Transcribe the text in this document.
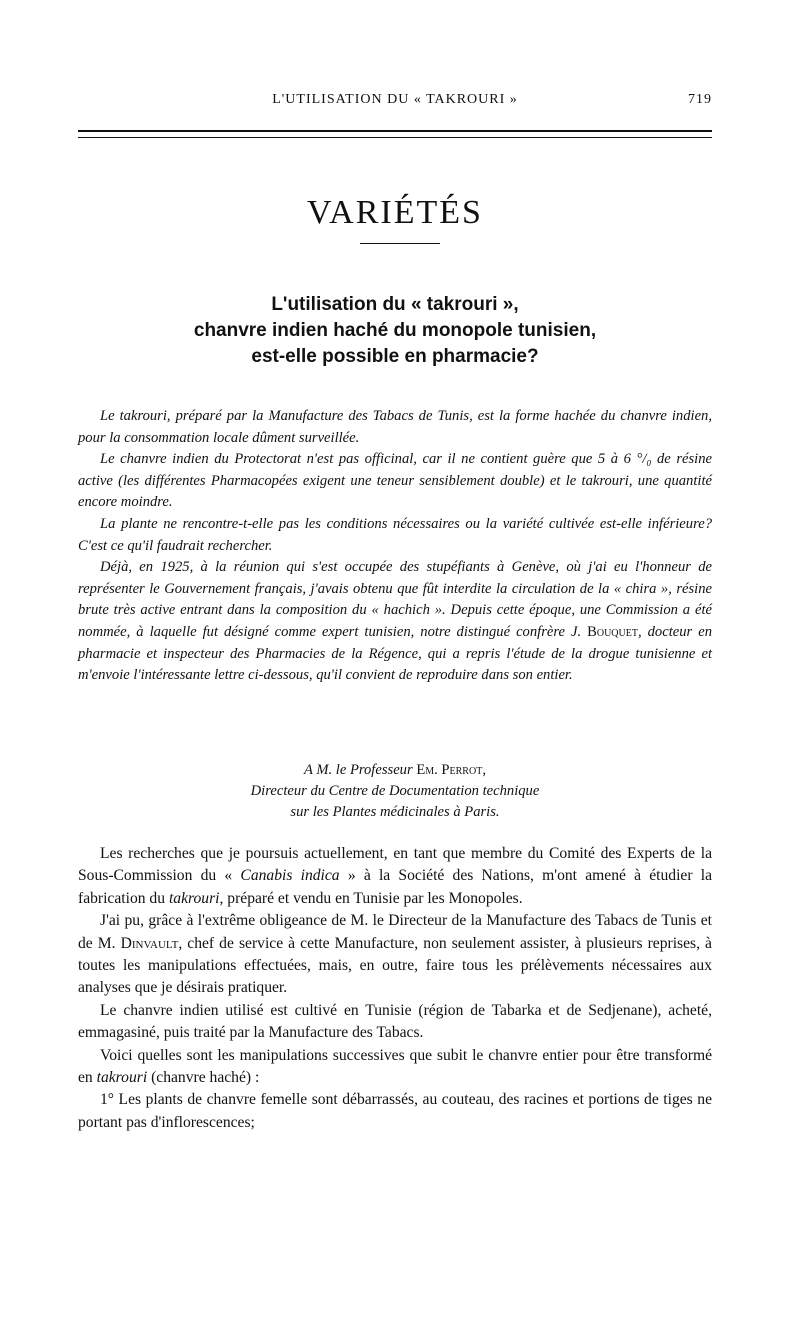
L'UTILISATION DU « TAKROURI »	719
VARIÉTÉS
L'utilisation du « takrouri »,
chanvre indien haché du monopole tunisien,
est-elle possible en pharmacie?

Le takrouri, préparé par la Manufacture des Tabacs de Tunis, est la forme hachée du chanvre indien, pour la consommation locale dûment surveillée.

Le chanvre indien du Protectorat n'est pas officinal, car il ne contient guère que 5 à 6 °/₀ de résine active (les différentes Pharmacopées exigent une teneur sensiblement double) et le takrouri, une quantité encore moindre.

La plante ne rencontre-t-elle pas les conditions nécessaires ou la variété cultivée est-elle inférieure? C'est ce qu'il faudrait rechercher.

Déjà, en 1925, à la réunion qui s'est occupée des stupéfiants à Genève, où j'ai eu l'honneur de représenter le Gouvernement français, j'avais obtenu que fût interdite la circulation de la « chira », résine brute très active entrant dans la composition du « hachich ». Depuis cette époque, une Commission a été nommée, à laquelle fut désigné comme expert tunisien, notre distingué confrère J. Bouquet, docteur en pharmacie et inspecteur des Pharmacies de la Régence, qui a repris l'étude de la drogue tunisienne et m'envoie l'intéressante lettre ci-dessous, qu'il convient de reproduire dans son entier.

A M. le Professeur Em. Perrot,
Directeur du Centre de Documentation technique
sur les Plantes médicinales à Paris.

Les recherches que je poursuis actuellement, en tant que membre du Comité des Experts de la Sous-Commission du « Canabis indica » à la Société des Nations, m'ont amené à étudier la fabrication du takrouri, préparé et vendu en Tunisie par les Monopoles.

J'ai pu, grâce à l'extrême obligeance de M. le Directeur de la Manufacture des Tabacs de Tunis et de M. Dinvault, chef de service à cette Manufacture, non seulement assister, à plusieurs reprises, à toutes les manipulations effectuées, mais, en outre, faire tous les prélèvements nécessaires aux analyses que je désirais pratiquer.

Le chanvre indien utilisé est cultivé en Tunisie (région de Tabarka et de Sedjenane), acheté, emmagasiné, puis traité par la Manufacture des Tabacs.

Voici quelles sont les manipulations successives que subit le chanvre entier pour être transformé en takrouri (chanvre haché) :

1° Les plants de chanvre femelle sont débarrassés, au couteau, des racines et portions de tiges ne portant pas d'inflorescences;
